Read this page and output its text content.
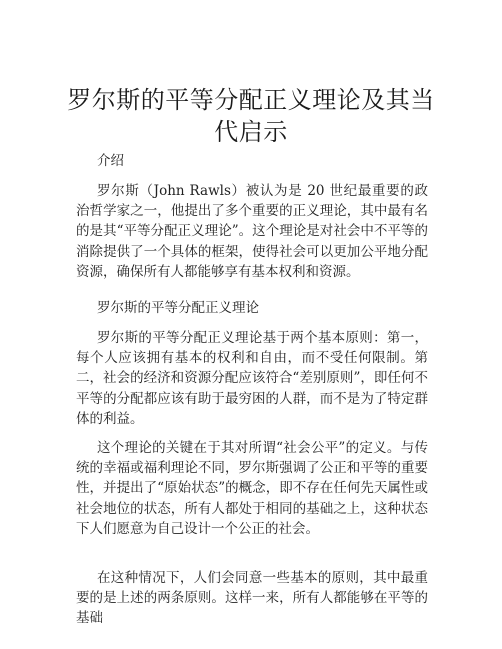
罗尔斯的平等分配正义理论及其当代启示
介绍
罗尔斯（John Rawls）被认为是 20 世纪最重要的政治哲学家之一，他提出了多个重要的正义理论，其中最有名的是其“平等分配正义理论”。这个理论是对社会中不平等的消除提供了一个具体的框架，使得社会可以更加公平地分配资源，确保所有人都能够享有基本权利和资源。
罗尔斯的平等分配正义理论
罗尔斯的平等分配正义理论基于两个基本原则：第一，每个人应该拥有基本的权利和自由，而不受任何限制。第二，社会的经济和资源分配应该符合“差别原则”，即任何不平等的分配都应该有助于最穷困的人群，而不是为了特定群体的利益。
这个理论的关键在于其对所谓“社会公平”的定义。与传统的幸福或福利理论不同，罗尔斯强调了公正和平等的重要性，并提出了“原始状态”的概念，即不存在任何先天属性或社会地位的状态，所有人都处于相同的基础之上，这种状态下人们愿意为自己设计一个公正的社会。
在这种情况下，人们会同意一些基本的原则，其中最重要的是上述的两条原则。这样一来，所有人都能够在平等的基础
